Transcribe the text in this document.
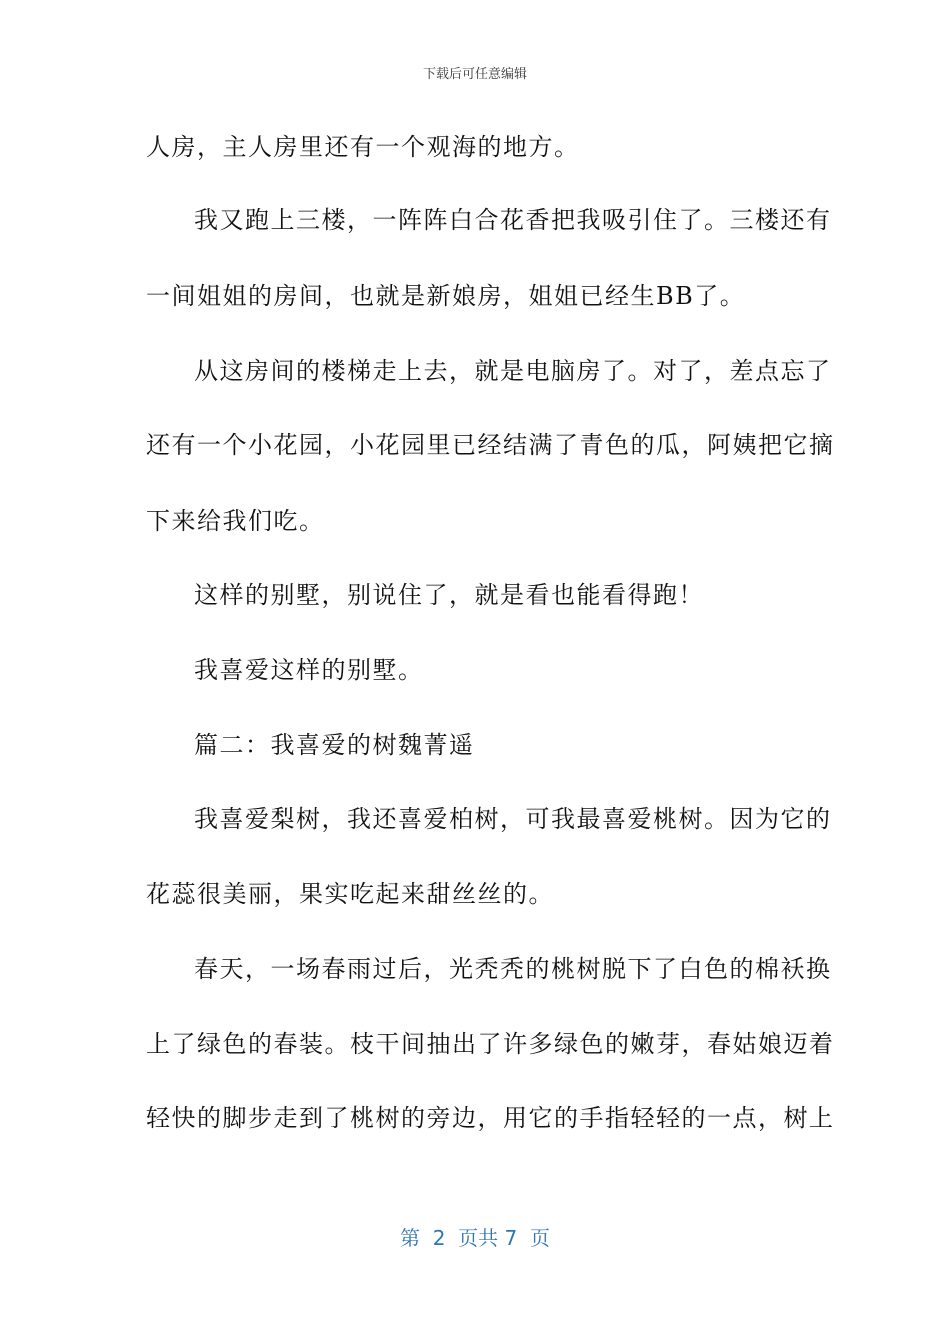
下载后可任意编辑
人房，主人房里还有一个观海的地方。
我又跑上三楼，一阵阵白合花香把我吸引住了。三楼还有
一间姐姐的房间，也就是新娘房，姐姐已经生BB了。
从这房间的楼梯走上去，就是电脑房了。对了，差点忘了
还有一个小花园，小花园里已经结满了青色的瓜，阿姨把它摘
下来给我们吃。
这样的别墅，别说住了，就是看也能看得跑！
我喜爱这样的别墅。
篇二：我喜爱的树魏菁遥
我喜爱梨树，我还喜爱柏树，可我最喜爱桃树。因为它的
花蕊很美丽，果实吃起来甜丝丝的。
春天，一场春雨过后，光秃秃的桃树脱下了白色的棉袄换
上了绿色的春装。枝干间抽出了许多绿色的嫩芽，春姑娘迈着
轻快的脚步走到了桃树的旁边，用它的手指轻轻的一点，树上
第  2  页共 7  页
